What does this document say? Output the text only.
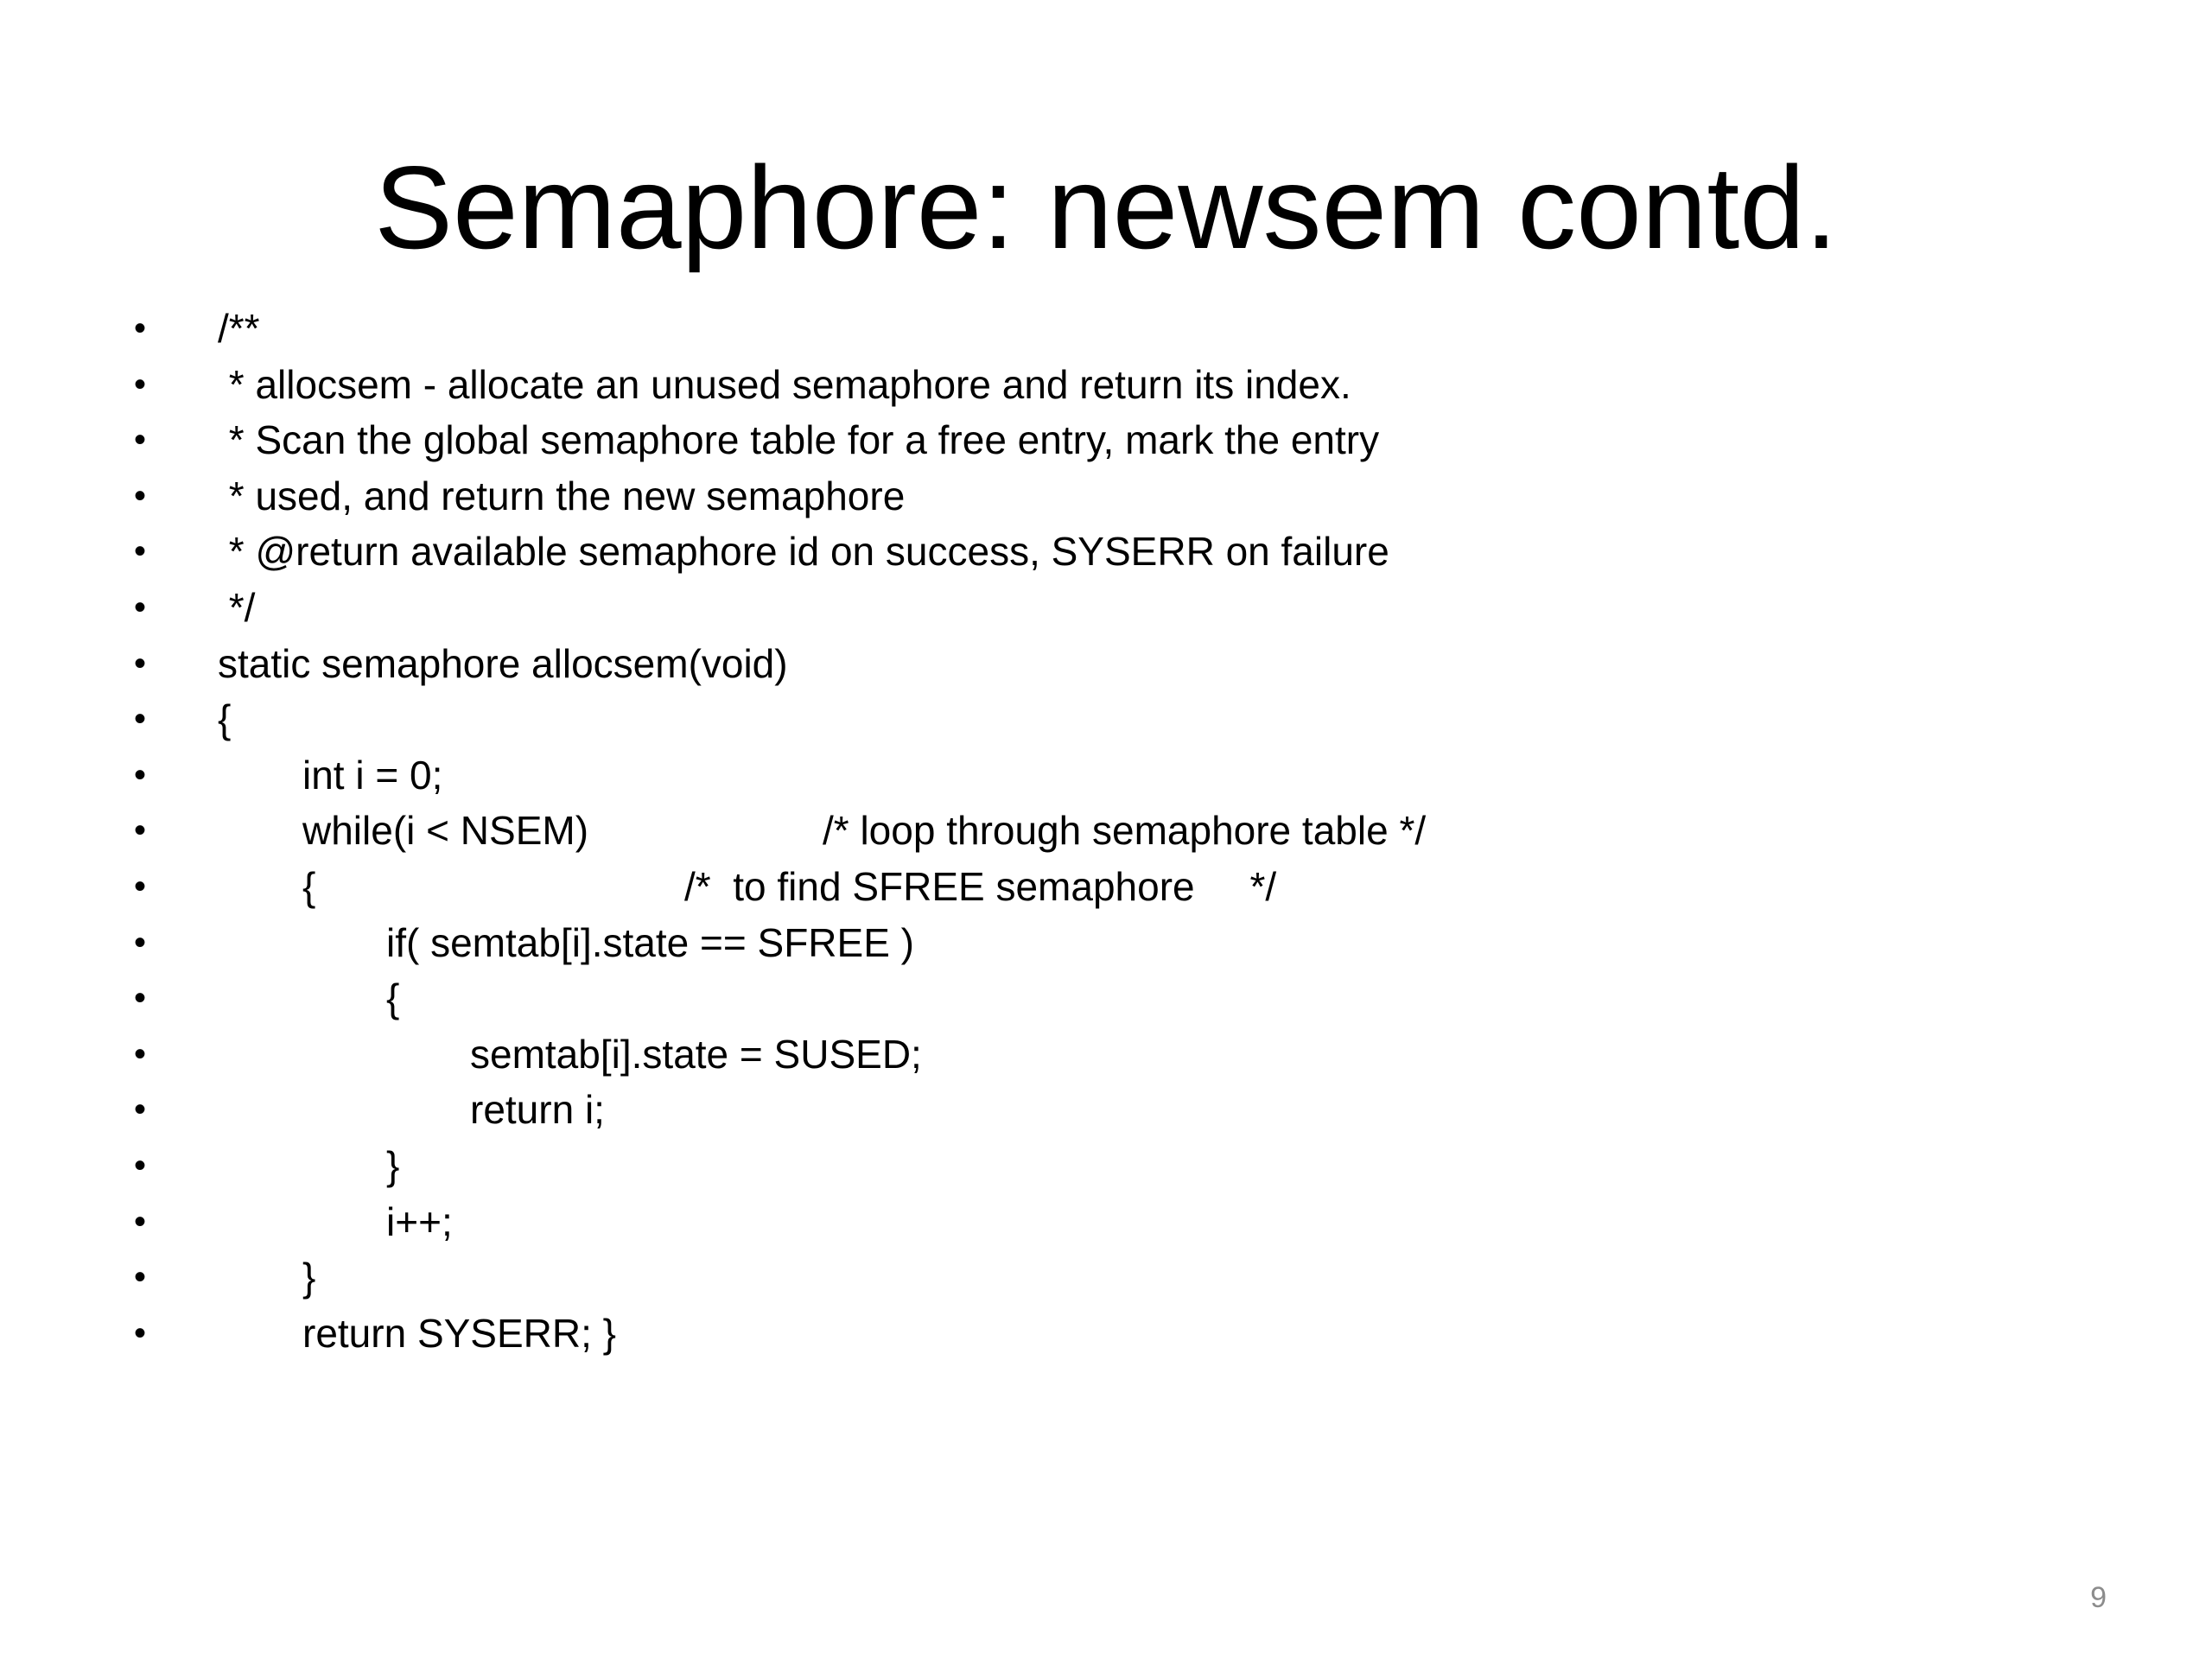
Semaphore: newsem contd.

•

/**

•

* allocsem - allocate an unused semaphore and return its index.

•

* Scan the global semaphore table for a free entry, mark the entry

•

* used, and return the new semaphore

•

* @return available semaphore id on success, SYSERR on failure

•

*/

•

static semaphore allocsem(void)

•

{

•

	int i = 0;

•

	while(i < NSEM)

	/* loop through semaphore table */

•

	{

	/*  to find SFREE semaphore     */

•

	if( semtab[i].state == SFREE )

•

	{

•

	semtab[i].state = SUSED;

•

	return i;

•

	}

•

	i++;

•

	}

•

	return SYSERR; }

9
